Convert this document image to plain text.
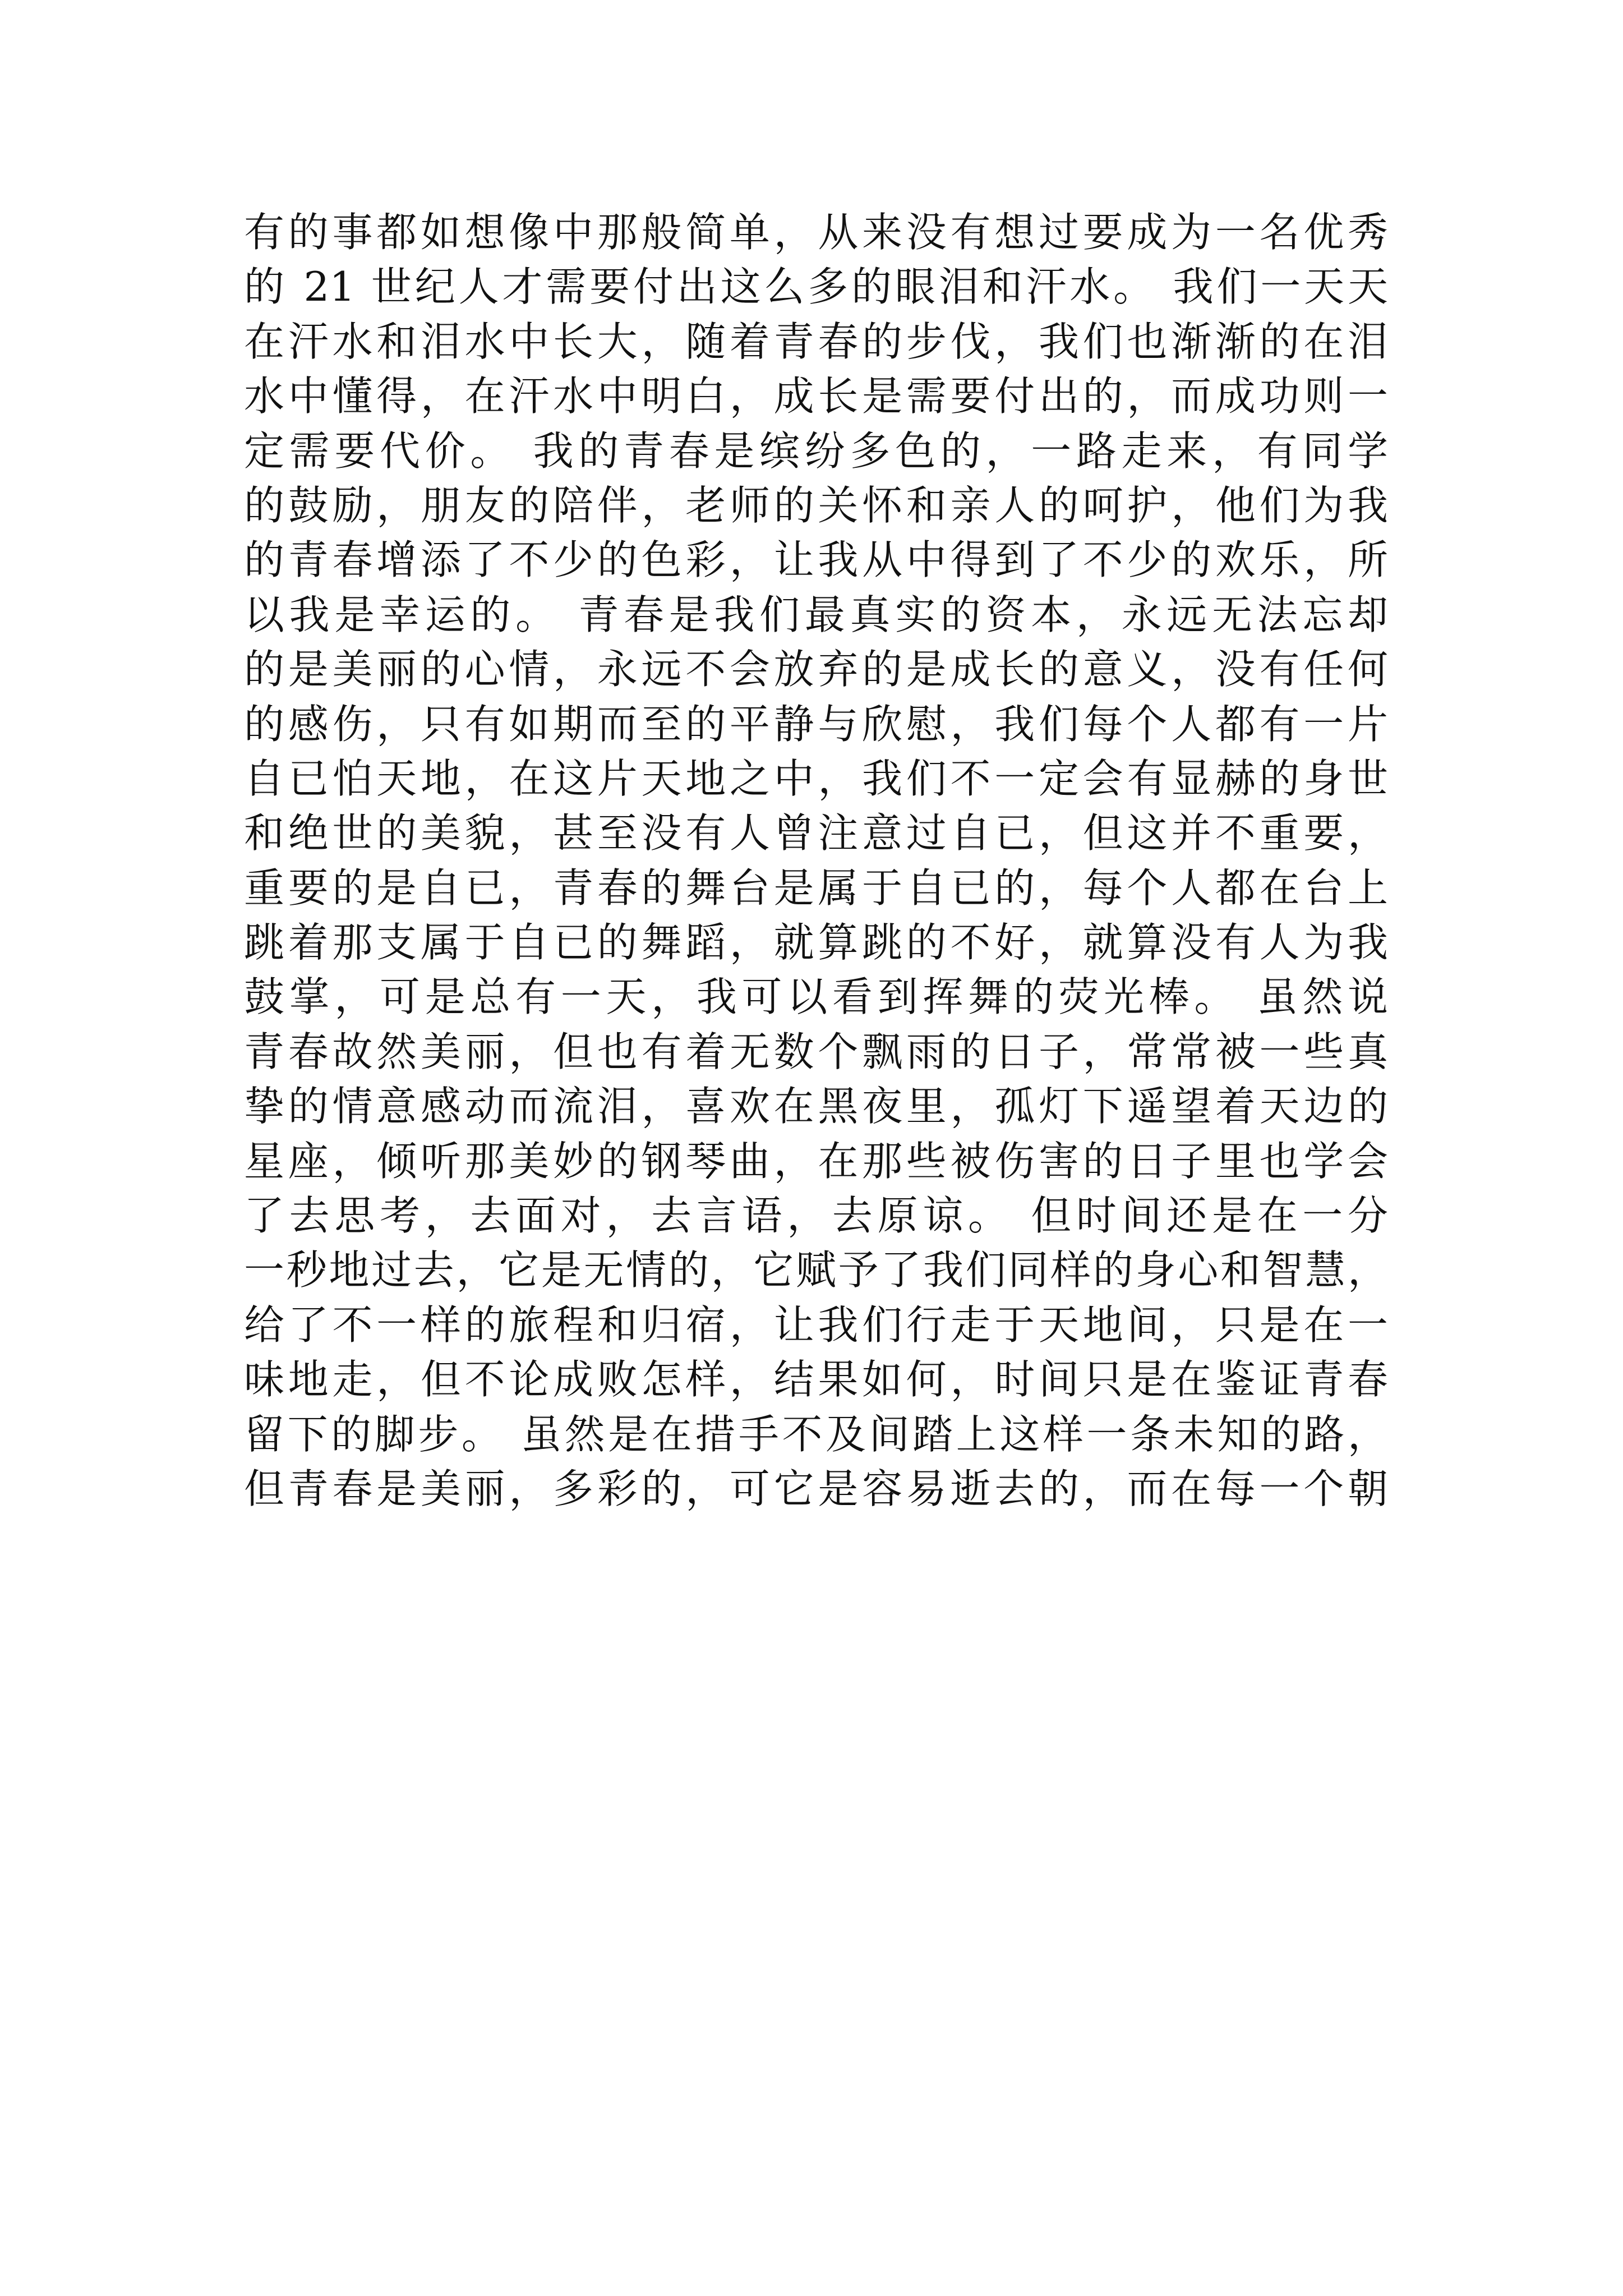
有的事都如想像中那般简单，从来没有想过要成为一名优秀
的 21 世纪人才需要付出这么多的眼泪和汗水。 我们一天天
在汗水和泪水中长大，随着青春的步伐，我们也渐渐的在泪
水中懂得，在汗水中明白，成长是需要付出的，而成功则一
定需要代价。 我的青春是缤纷多色的，一路走来，有同学
的鼓励，朋友的陪伴，老师的关怀和亲人的呵护，他们为我
的青春增添了不少的色彩，让我从中得到了不少的欢乐，所
以我是幸运的。 青春是我们最真实的资本，永远无法忘却
的是美丽的心情，永远不会放弃的是成长的意义，没有任何
的感伤，只有如期而至的平静与欣慰，我们每个人都有一片
自已怕天地，在这片天地之中，我们不一定会有显赫的身世
和绝世的美貌，甚至没有人曾注意过自已，但这并不重要，
重要的是自已，青春的舞台是属于自已的，每个人都在台上
跳着那支属于自已的舞蹈，就算跳的不好，就算没有人为我
鼓掌，可是总有一天，我可以看到挥舞的荧光棒。 虽然说
青春故然美丽，但也有着无数个飘雨的日子，常常被一些真
挚的情意感动而流泪，喜欢在黑夜里，孤灯下遥望着天边的
星座，倾听那美妙的钢琴曲，在那些被伤害的日子里也学会
了去思考，去面对，去言语，去原谅。 但时间还是在一分
一秒地过去，它是无情的，它赋予了我们同样的身心和智慧，
给了不一样的旅程和归宿，让我们行走于天地间，只是在一
味地走，但不论成败怎样，结果如何，时间只是在鉴证青春
留下的脚步。 虽然是在措手不及间踏上这样一条未知的路，
但青春是美丽，多彩的，可它是容易逝去的，而在每一个朝
